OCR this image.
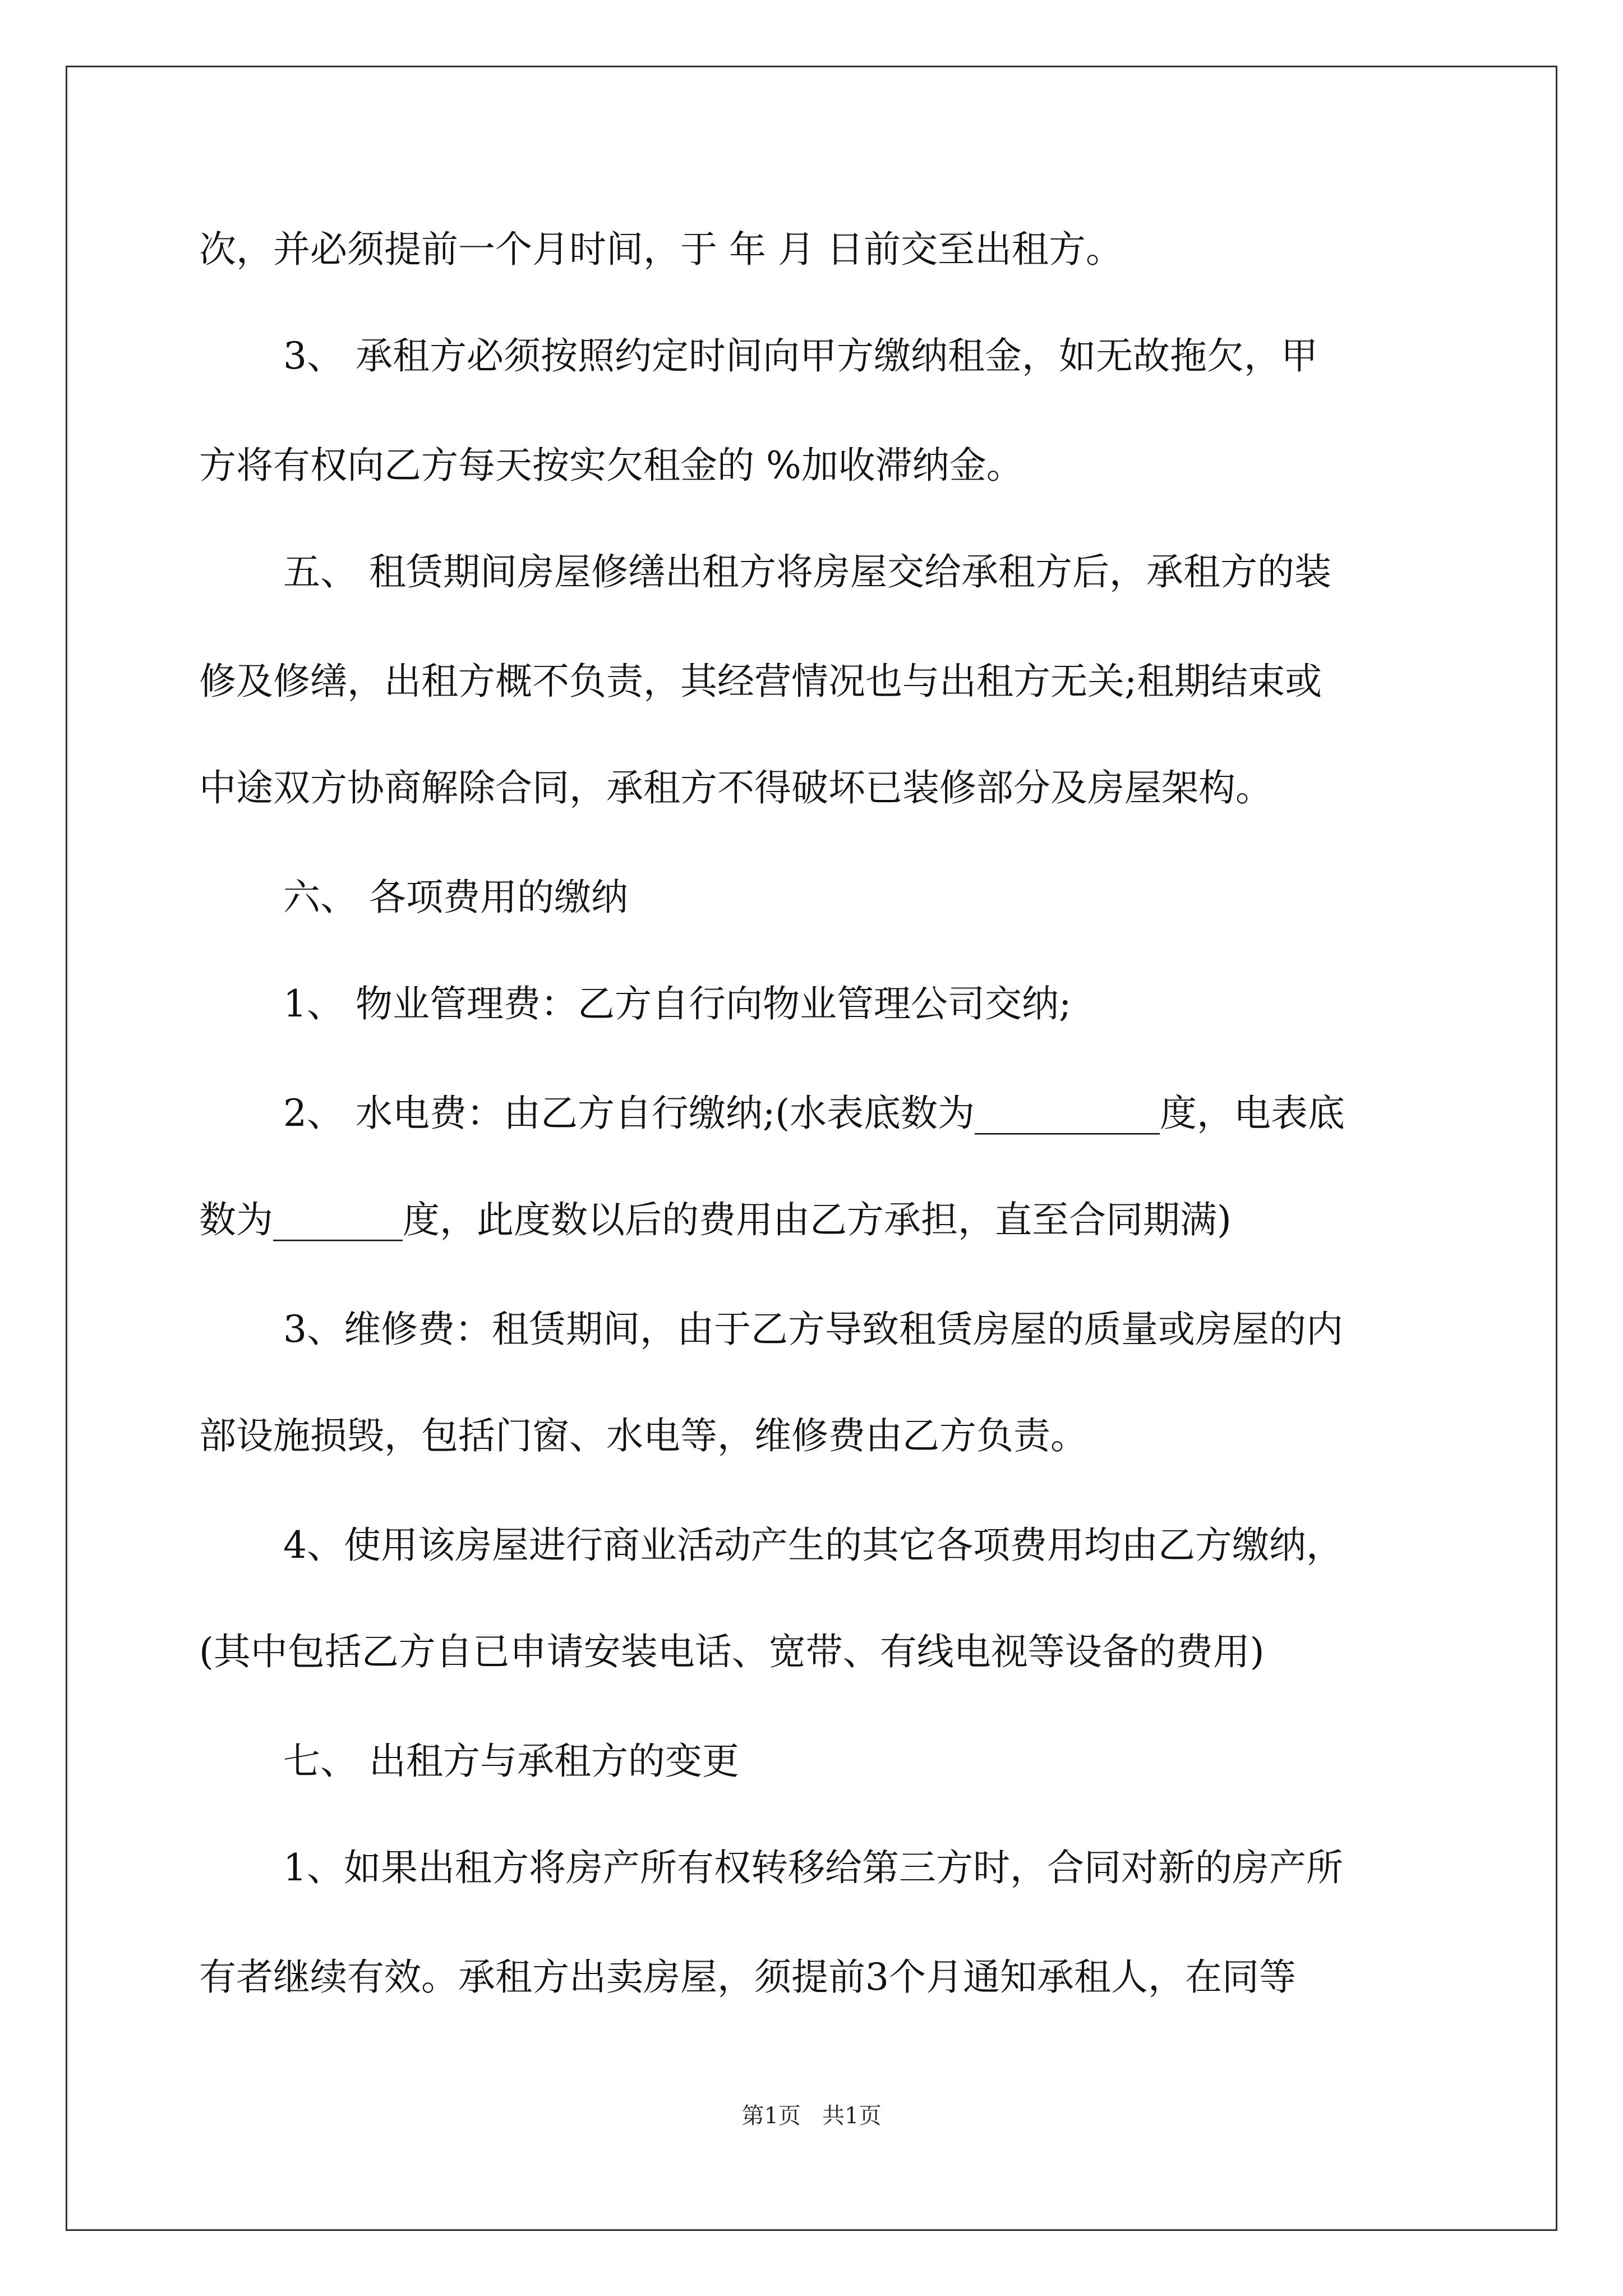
次，并必须提前一个月时间，于 年 月 日前交至出租方。
3、 承租方必须按照约定时间向甲方缴纳租金，如无故拖欠，甲
方将有权向乙方每天按实欠租金的 %加收滞纳金。
五、 租赁期间房屋修缮出租方将房屋交给承租方后，承租方的装
修及修缮，出租方概不负责，其经营情况也与出租方无关;租期结束或
中途双方协商解除合同，承租方不得破坏已装修部分及房屋架构。
六、 各项费用的缴纳
1、 物业管理费：乙方自行向物业管理公司交纳;
2、 水电费：由乙方自行缴纳;(水表底数为__________度，电表底
数为_______度，此度数以后的费用由乙方承担，直至合同期满)
3、维修费：租赁期间，由于乙方导致租赁房屋的质量或房屋的内
部设施损毁，包括门窗、水电等，维修费由乙方负责。
4、使用该房屋进行商业活动产生的其它各项费用均由乙方缴纳，
(其中包括乙方自已申请安装电话、宽带、有线电视等设备的费用)
七、 出租方与承租方的变更
1、如果出租方将房产所有权转移给第三方时，合同对新的房产所
有者继续有效。承租方出卖房屋，须提前3个月通知承租人，在同等
第1页   共1页
